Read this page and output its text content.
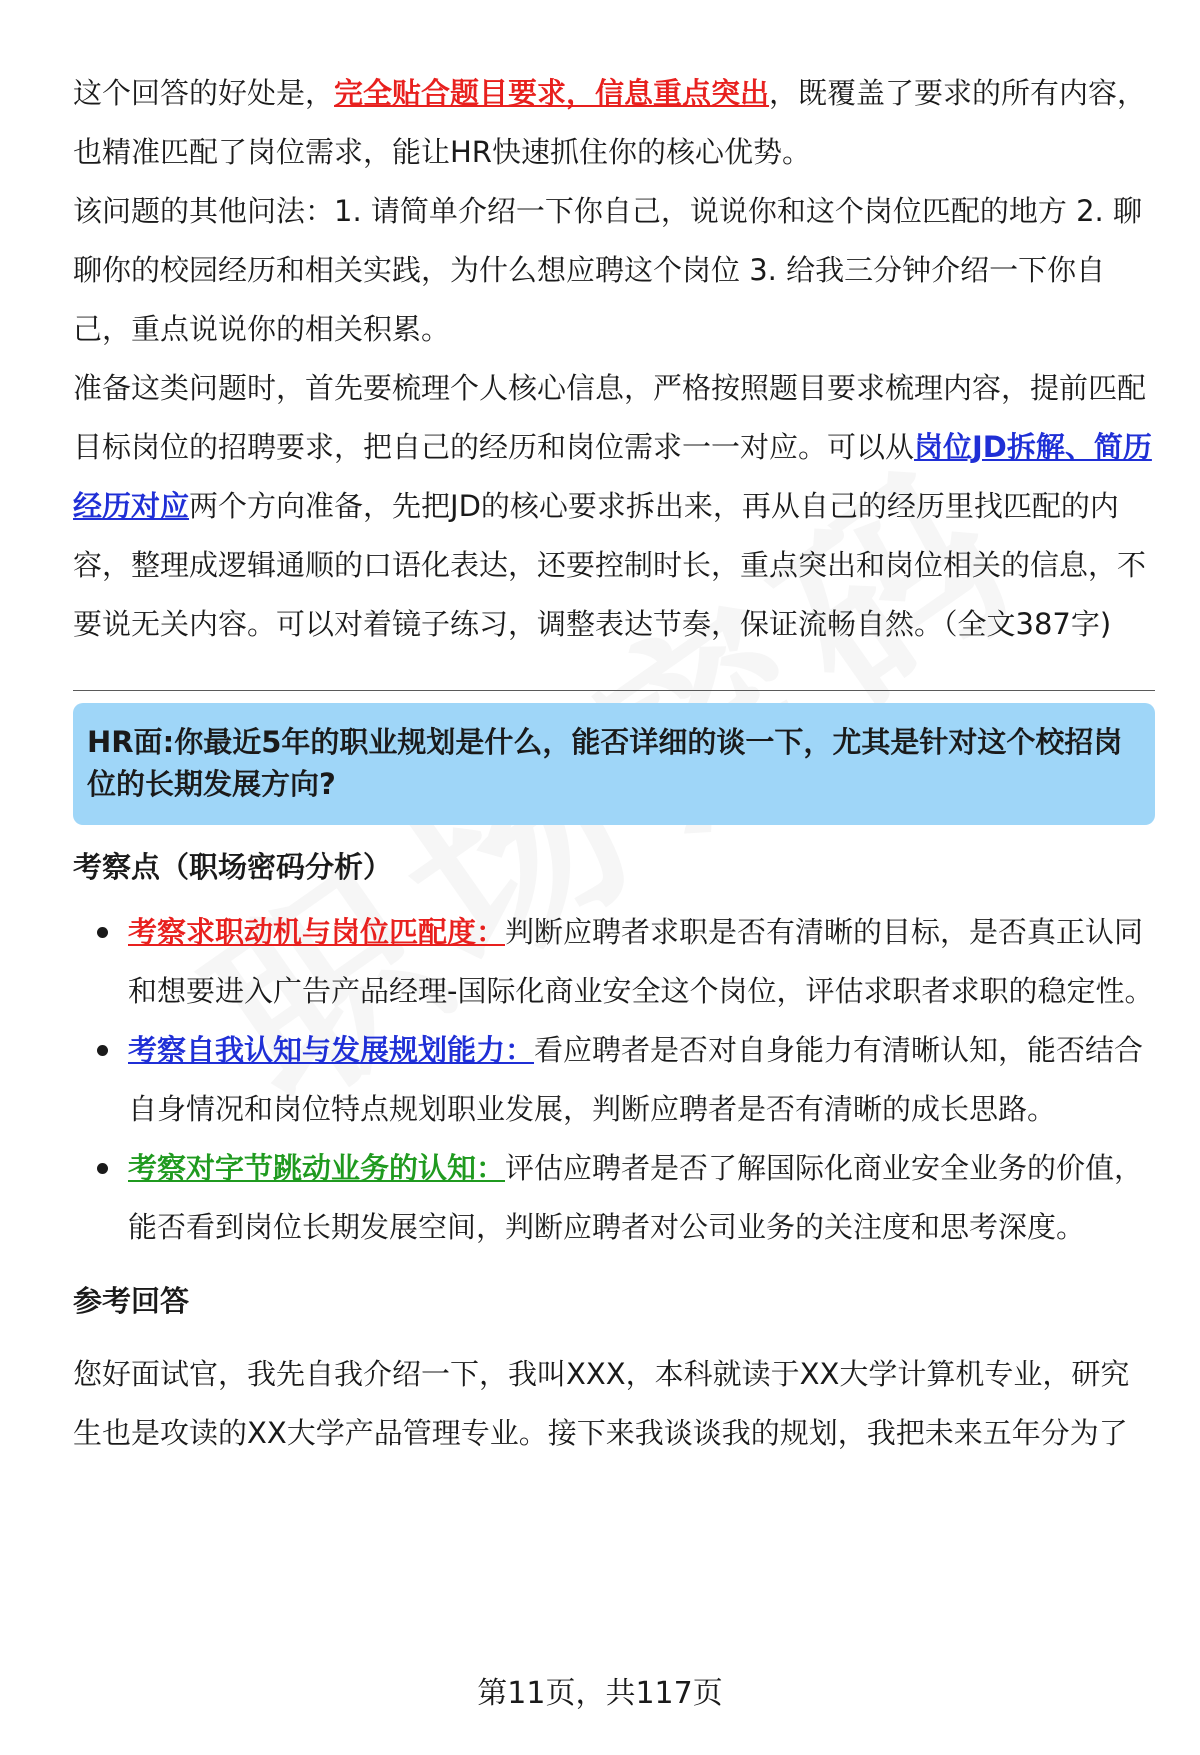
这个回答的好处是，完全贴合题目要求，信息重点突出，既覆盖了要求的所有内容，也精准匹配了岗位需求，能让HR快速抓住你的核心优势。

该问题的其他问法：1. 请简单介绍一下你自己，说说你和这个岗位匹配的地方 2. 聊聊你的校园经历和相关实践，为什么想应聘这个岗位 3. 给我三分钟介绍一下你自己，重点说说你的相关积累。

准备这类问题时，首先要梳理个人核心信息，严格按照题目要求梳理内容，提前匹配目标岗位的招聘要求，把自己的经历和岗位需求一一对应。可以从岗位JD拆解、简历经历对应两个方向准备，先把JD的核心要求拆出来，再从自己的经历里找匹配的内容，整理成逻辑通顺的口语化表达，还要控制时长，重点突出和岗位相关的信息，不要说无关内容。可以对着镜子练习，调整表达节奏，保证流畅自然。（全文387字)

HR面:你最近5年的职业规划是什么，能否详细的谈一下，尤其是针对这个校招岗位的长期发展方向?
考察点（职场密码分析）
考察求职动机与岗位匹配度：判断应聘者求职是否有清晰的目标，是否真正认同和想要进入广告产品经理-国际化商业安全这个岗位，评估求职者求职的稳定性。
考察自我认知与发展规划能力：看应聘者是否对自身能力有清晰认知，能否结合自身情况和岗位特点规划职业发展，判断应聘者是否有清晰的成长思路。
考察对字节跳动业务的认知：评估应聘者是否了解国际化商业安全业务的价值，能否看到岗位长期发展空间，判断应聘者对公司业务的关注度和思考深度。
参考回答

您好面试官，我先自我介绍一下，我叫XXX，本科就读于XX大学计算机专业，研究生也是攻读的XX大学产品管理专业。接下来我谈谈我的规划，我把未来五年分为了

第11页，共117页
